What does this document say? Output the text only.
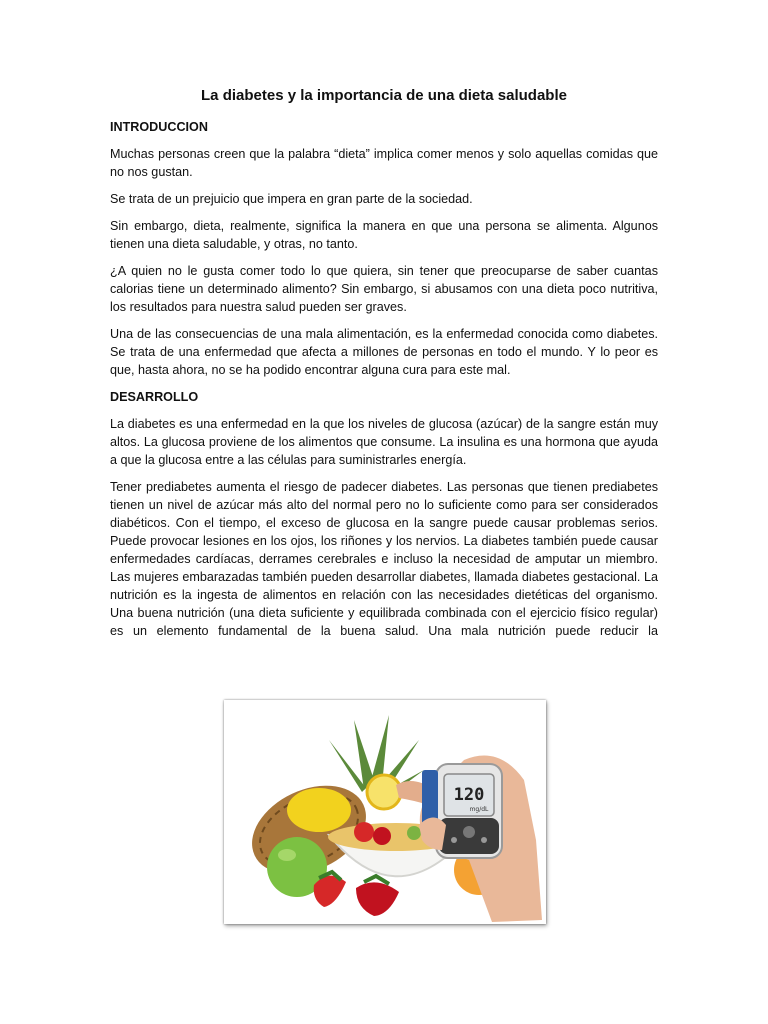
La diabetes y la importancia de una dieta saludable
INTRODUCCION

Muchas personas creen que la palabra “dieta” implica comer menos y solo aquellas comidas que no nos gustan.

Se trata de un prejuicio que impera en gran parte de la sociedad.

Sin embargo, dieta, realmente, significa la manera en que una persona se alimenta. Algunos tienen una dieta saludable, y otras, no tanto.

¿A quien no le gusta comer todo lo que quiera, sin tener que preocuparse de saber cuantas calorias tiene un determinado alimento? Sin embargo, si abusamos con una dieta poco nutritiva, los resultados para nuestra salud pueden ser graves.

Una de las consecuencias de una mala alimentación, es la enfermedad conocida como diabetes. Se trata de una enfermedad que afecta a millones de personas en todo el mundo. Y lo peor es que, hasta ahora, no se ha podido encontrar alguna cura para este mal.

DESARROLLO

La diabetes es una enfermedad en la que los niveles de glucosa (azúcar) de la sangre están muy altos. La glucosa proviene de los alimentos que consume. La insulina es una hormona que ayuda a que la glucosa entre a las células para suministrarles energía.

Tener prediabetes aumenta el riesgo de padecer diabetes. Las personas que tienen prediabetes tienen un nivel de azúcar más alto del normal pero no lo suficiente como para ser considerados diabéticos. Con el tiempo, el exceso de glucosa en la sangre puede causar problemas serios. Puede provocar lesiones en los ojos, los riñones y los nervios. La diabetes también puede causar enfermedades cardíacas, derrames cerebrales e incluso la necesidad de amputar un miembro. Las mujeres embarazadas también pueden desarrollar diabetes, llamada diabetes gestacional. La nutrición es la ingesta de alimentos en relación con las necesidades dietéticas del organismo. Una buena nutrición (una dieta suficiente y equilibrada combinada con el ejercicio físico regular) es un elemento fundamental de la buena salud. Una mala nutrición puede reducir la

120
mg/dL
